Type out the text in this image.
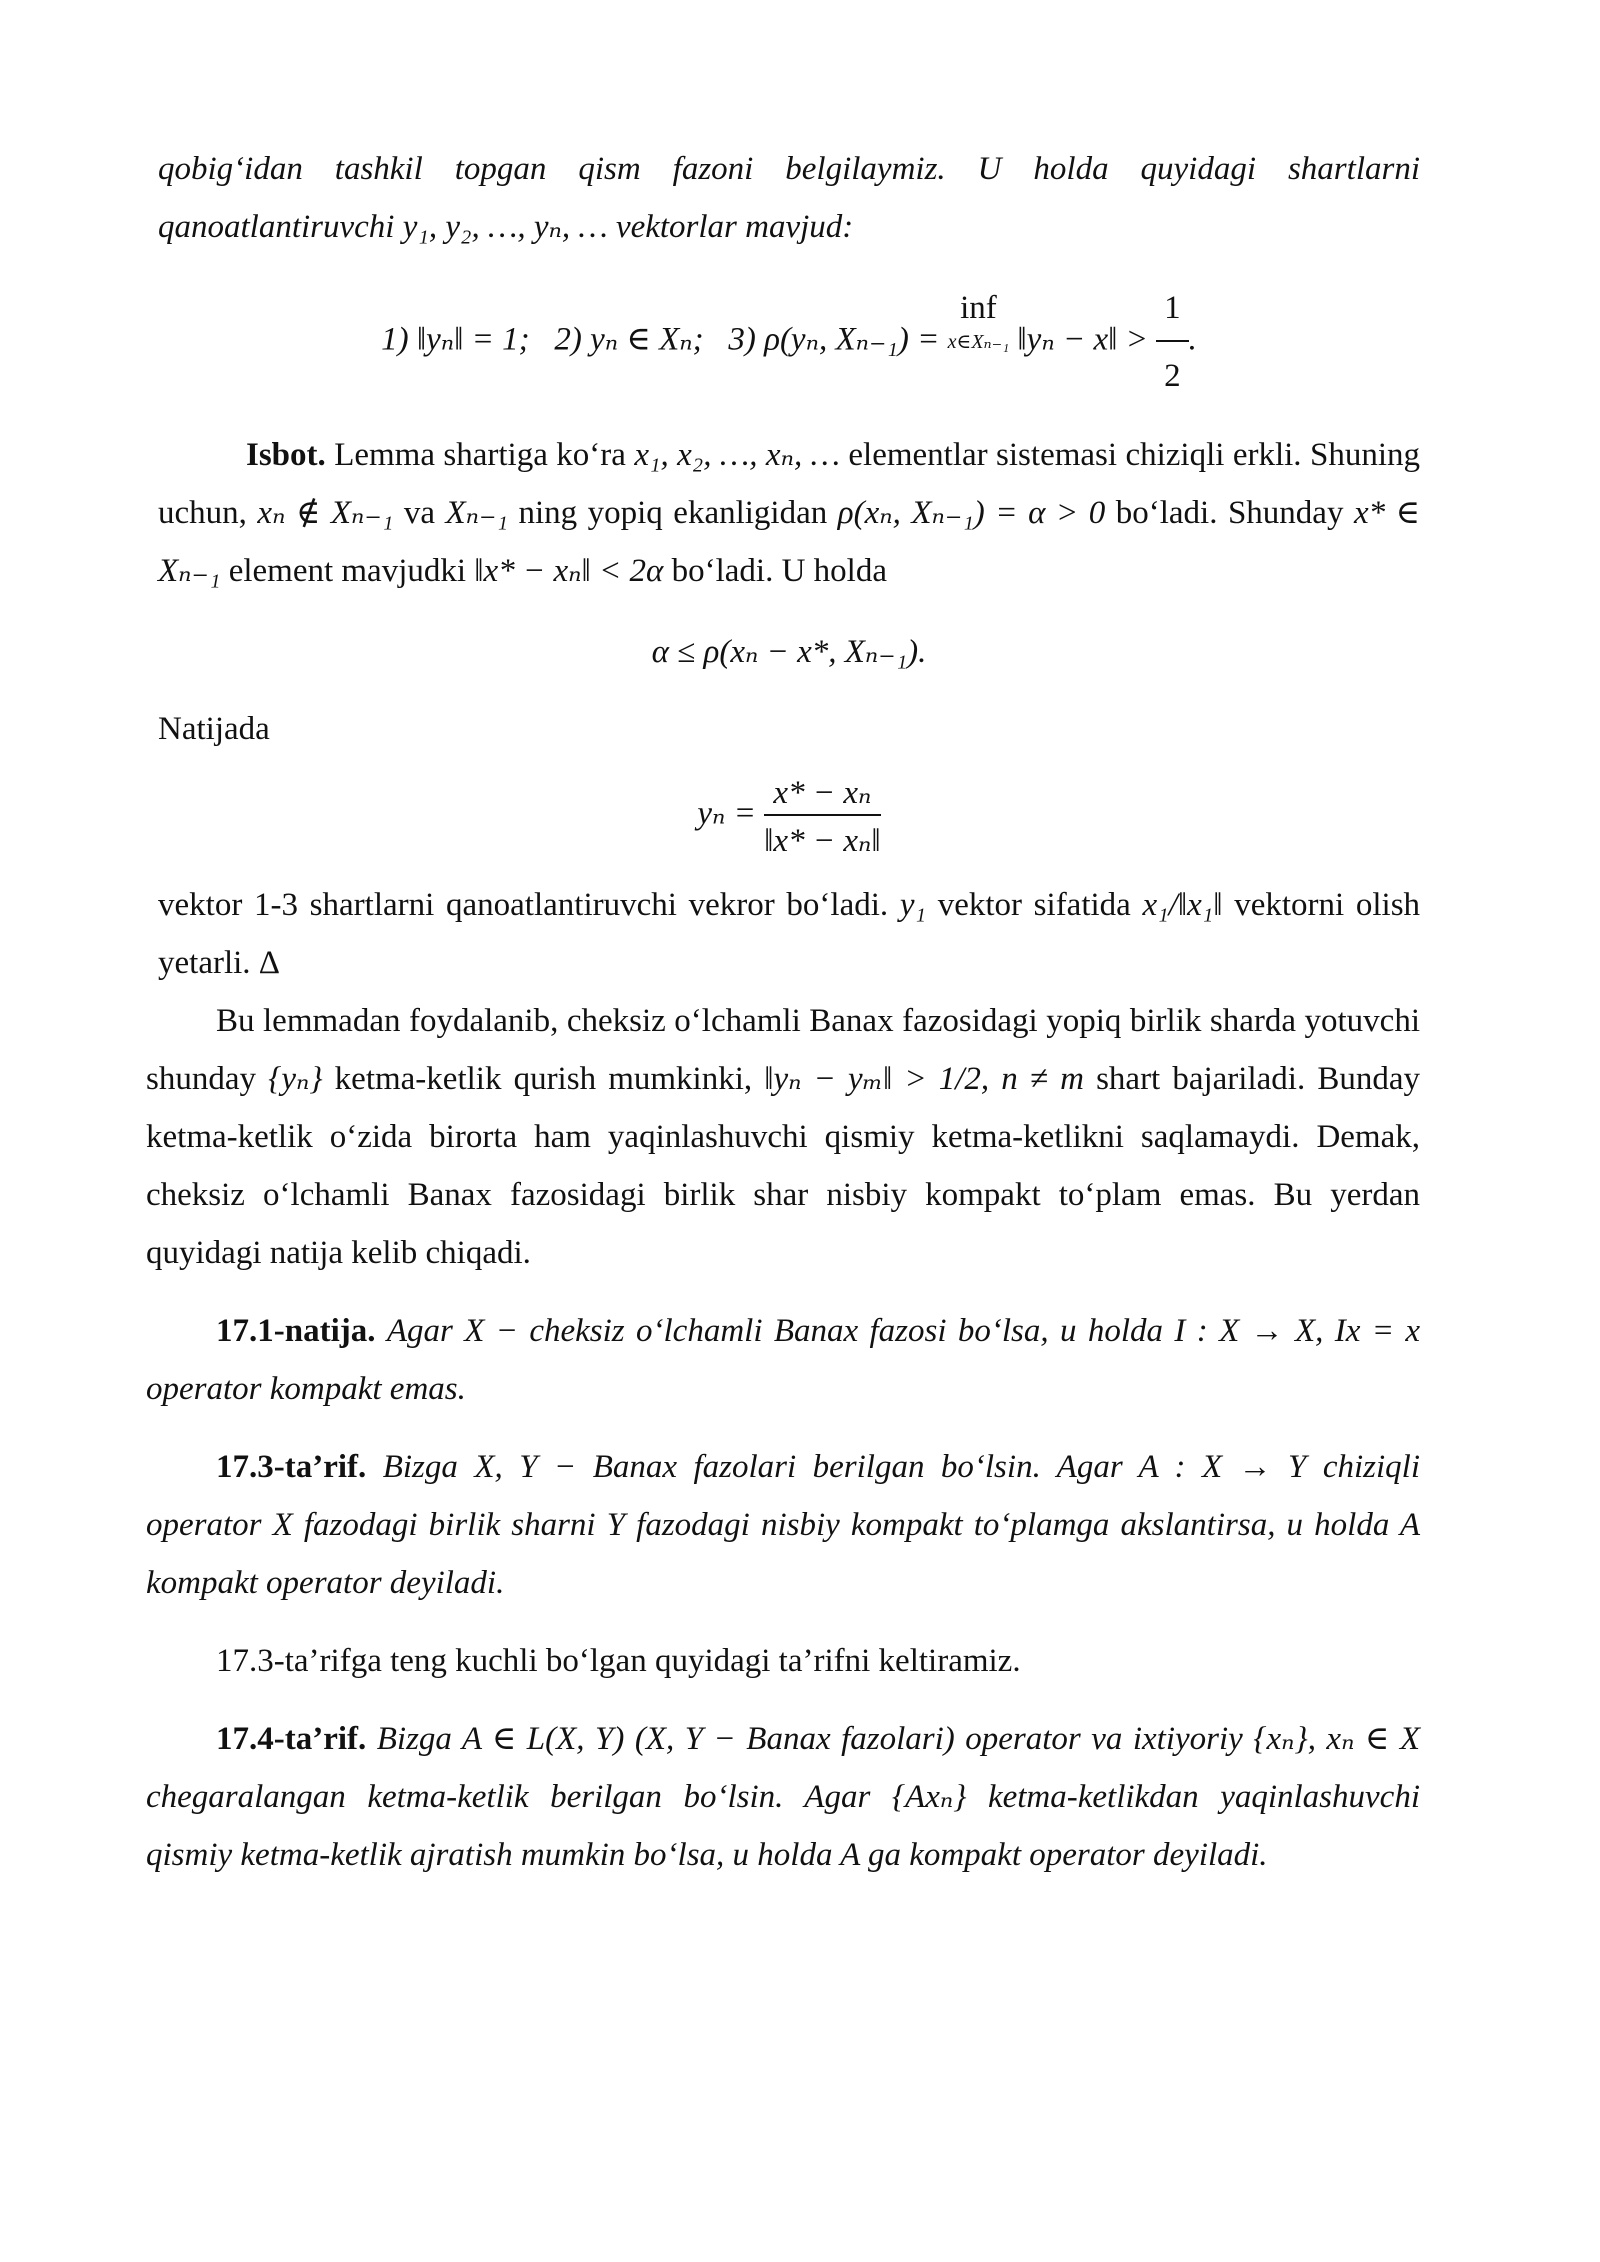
qobig‘idan tashkil topgan qism fazoni belgilaymiz. U holda quyidagi shartlarni qanoatlantiruvchi y₁, y₂, …, yₙ, … vektorlar mavjud:

1) ‖yₙ‖ = 1; 2) yₙ ∈ Xₙ; 3) ρ(yₙ, Xₙ₋₁) = inf
x∈Xₙ₋₁ ‖yₙ − x‖ > $\frac{1}{2}$ .

Isbot. Lemma shartiga ko‘ra x₁, x₂, …, xₙ, … elementlar sistemasi chiziqli erkli. Shuning uchun, xₙ ∉ Xₙ₋₁ va Xₙ₋₁ ning yopiq ekanligidan ρ(xₙ, Xₙ₋₁) = α > 0 bo‘ladi. Shunday x* ∈ Xₙ₋₁ element mavjudki ‖x* − xₙ‖ < 2α bo‘ladi. U holda

α ≤ ρ(xₙ − x*, Xₙ₋₁).

Natijada

$y_n = \frac{\text{x* − xₙ}}{\text{‖x* − xₙ‖}}$

vektor 1-3 shartlarni qanoatlantiruvchi vekror bo‘ladi. y₁ vektor sifatida x₁/‖x₁‖ vektorni olish yetarli. Δ

Bu lemmadan foydalanib, cheksiz o‘lchamli Banax fazosidagi yopiq birlik sharda yotuvchi shunday {yₙ} ketma-ketlik qurish mumkinki, ‖yₙ − yₘ‖ > 1/2, n ≠ m shart bajariladi. Bunday ketma-ketlik o‘zida birorta ham yaqinlashuvchi qismiy ketma-ketlikni saqlamaydi. Demak, cheksiz o‘lchamli Banax fazosidagi birlik shar nisbiy kompakt to‘plam emas. Bu yerdan quyidagi natija kelib chiqadi.

17.1-natija. Agar X − cheksiz o‘lchamli Banax fazosi bo‘lsa, u holda I : X → X, Ix = x operator kompakt emas.

17.3-ta’rif. Bizga X, Y − Banax fazolari berilgan bo‘lsin. Agar A : X → Y chiziqli operator X fazodagi birlik sharni Y fazodagi nisbiy kompakt to‘plamga akslantirsa, u holda A kompakt operator deyiladi.

17.3-ta’rifga teng kuchli bo‘lgan quyidagi ta’rifni keltiramiz.

17.4-ta’rif. Bizga A ∈ L(X, Y) (X, Y − Banax fazolari) operator va ixtiyoriy {xₙ}, xₙ ∈ X chegaralangan ketma-ketlik berilgan bo‘lsin. Agar {Axₙ} ketma-ketlikdan yaqinlashuvchi qismiy ketma-ketlik ajratish mumkin bo‘lsa, u holda A ga kompakt operator deyiladi.
